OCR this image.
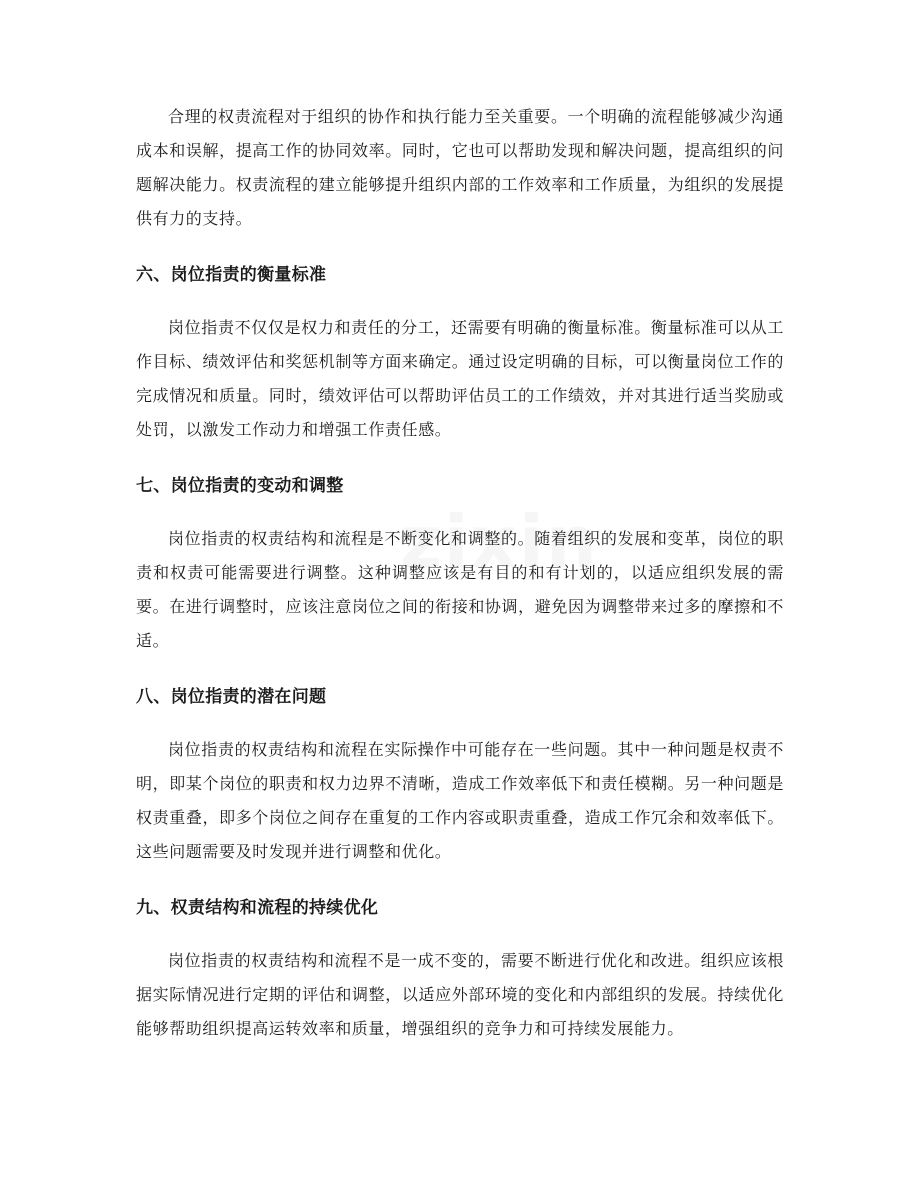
合理的权责流程对于组织的协作和执行能力至关重要。一个明确的流程能够减少沟通成本和误解，提高工作的协同效率。同时，它也可以帮助发现和解决问题，提高组织的问题解决能力。权责流程的建立能够提升组织内部的工作效率和工作质量，为组织的发展提供有力的支持。

六、岗位指责的衡量标准

岗位指责不仅仅是权力和责任的分工，还需要有明确的衡量标准。衡量标准可以从工作目标、绩效评估和奖惩机制等方面来确定。通过设定明确的目标，可以衡量岗位工作的完成情况和质量。同时，绩效评估可以帮助评估员工的工作绩效，并对其进行适当奖励或处罚，以激发工作动力和增强工作责任感。

七、岗位指责的变动和调整

岗位指责的权责结构和流程是不断变化和调整的。随着组织的发展和变革，岗位的职责和权责可能需要进行调整。这种调整应该是有目的和有计划的，以适应组织发展的需要。在进行调整时，应该注意岗位之间的衔接和协调，避免因为调整带来过多的摩擦和不适。

八、岗位指责的潜在问题

岗位指责的权责结构和流程在实际操作中可能存在一些问题。其中一种问题是权责不明，即某个岗位的职责和权力边界不清晰，造成工作效率低下和责任模糊。另一种问题是权责重叠，即多个岗位之间存在重复的工作内容或职责重叠，造成工作冗余和效率低下。这些问题需要及时发现并进行调整和优化。

九、权责结构和流程的持续优化

岗位指责的权责结构和流程不是一成不变的，需要不断进行优化和改进。组织应该根据实际情况进行定期的评估和调整，以适应外部环境的变化和内部组织的发展。持续优化能够帮助组织提高运转效率和质量，增强组织的竞争力和可持续发展能力。
